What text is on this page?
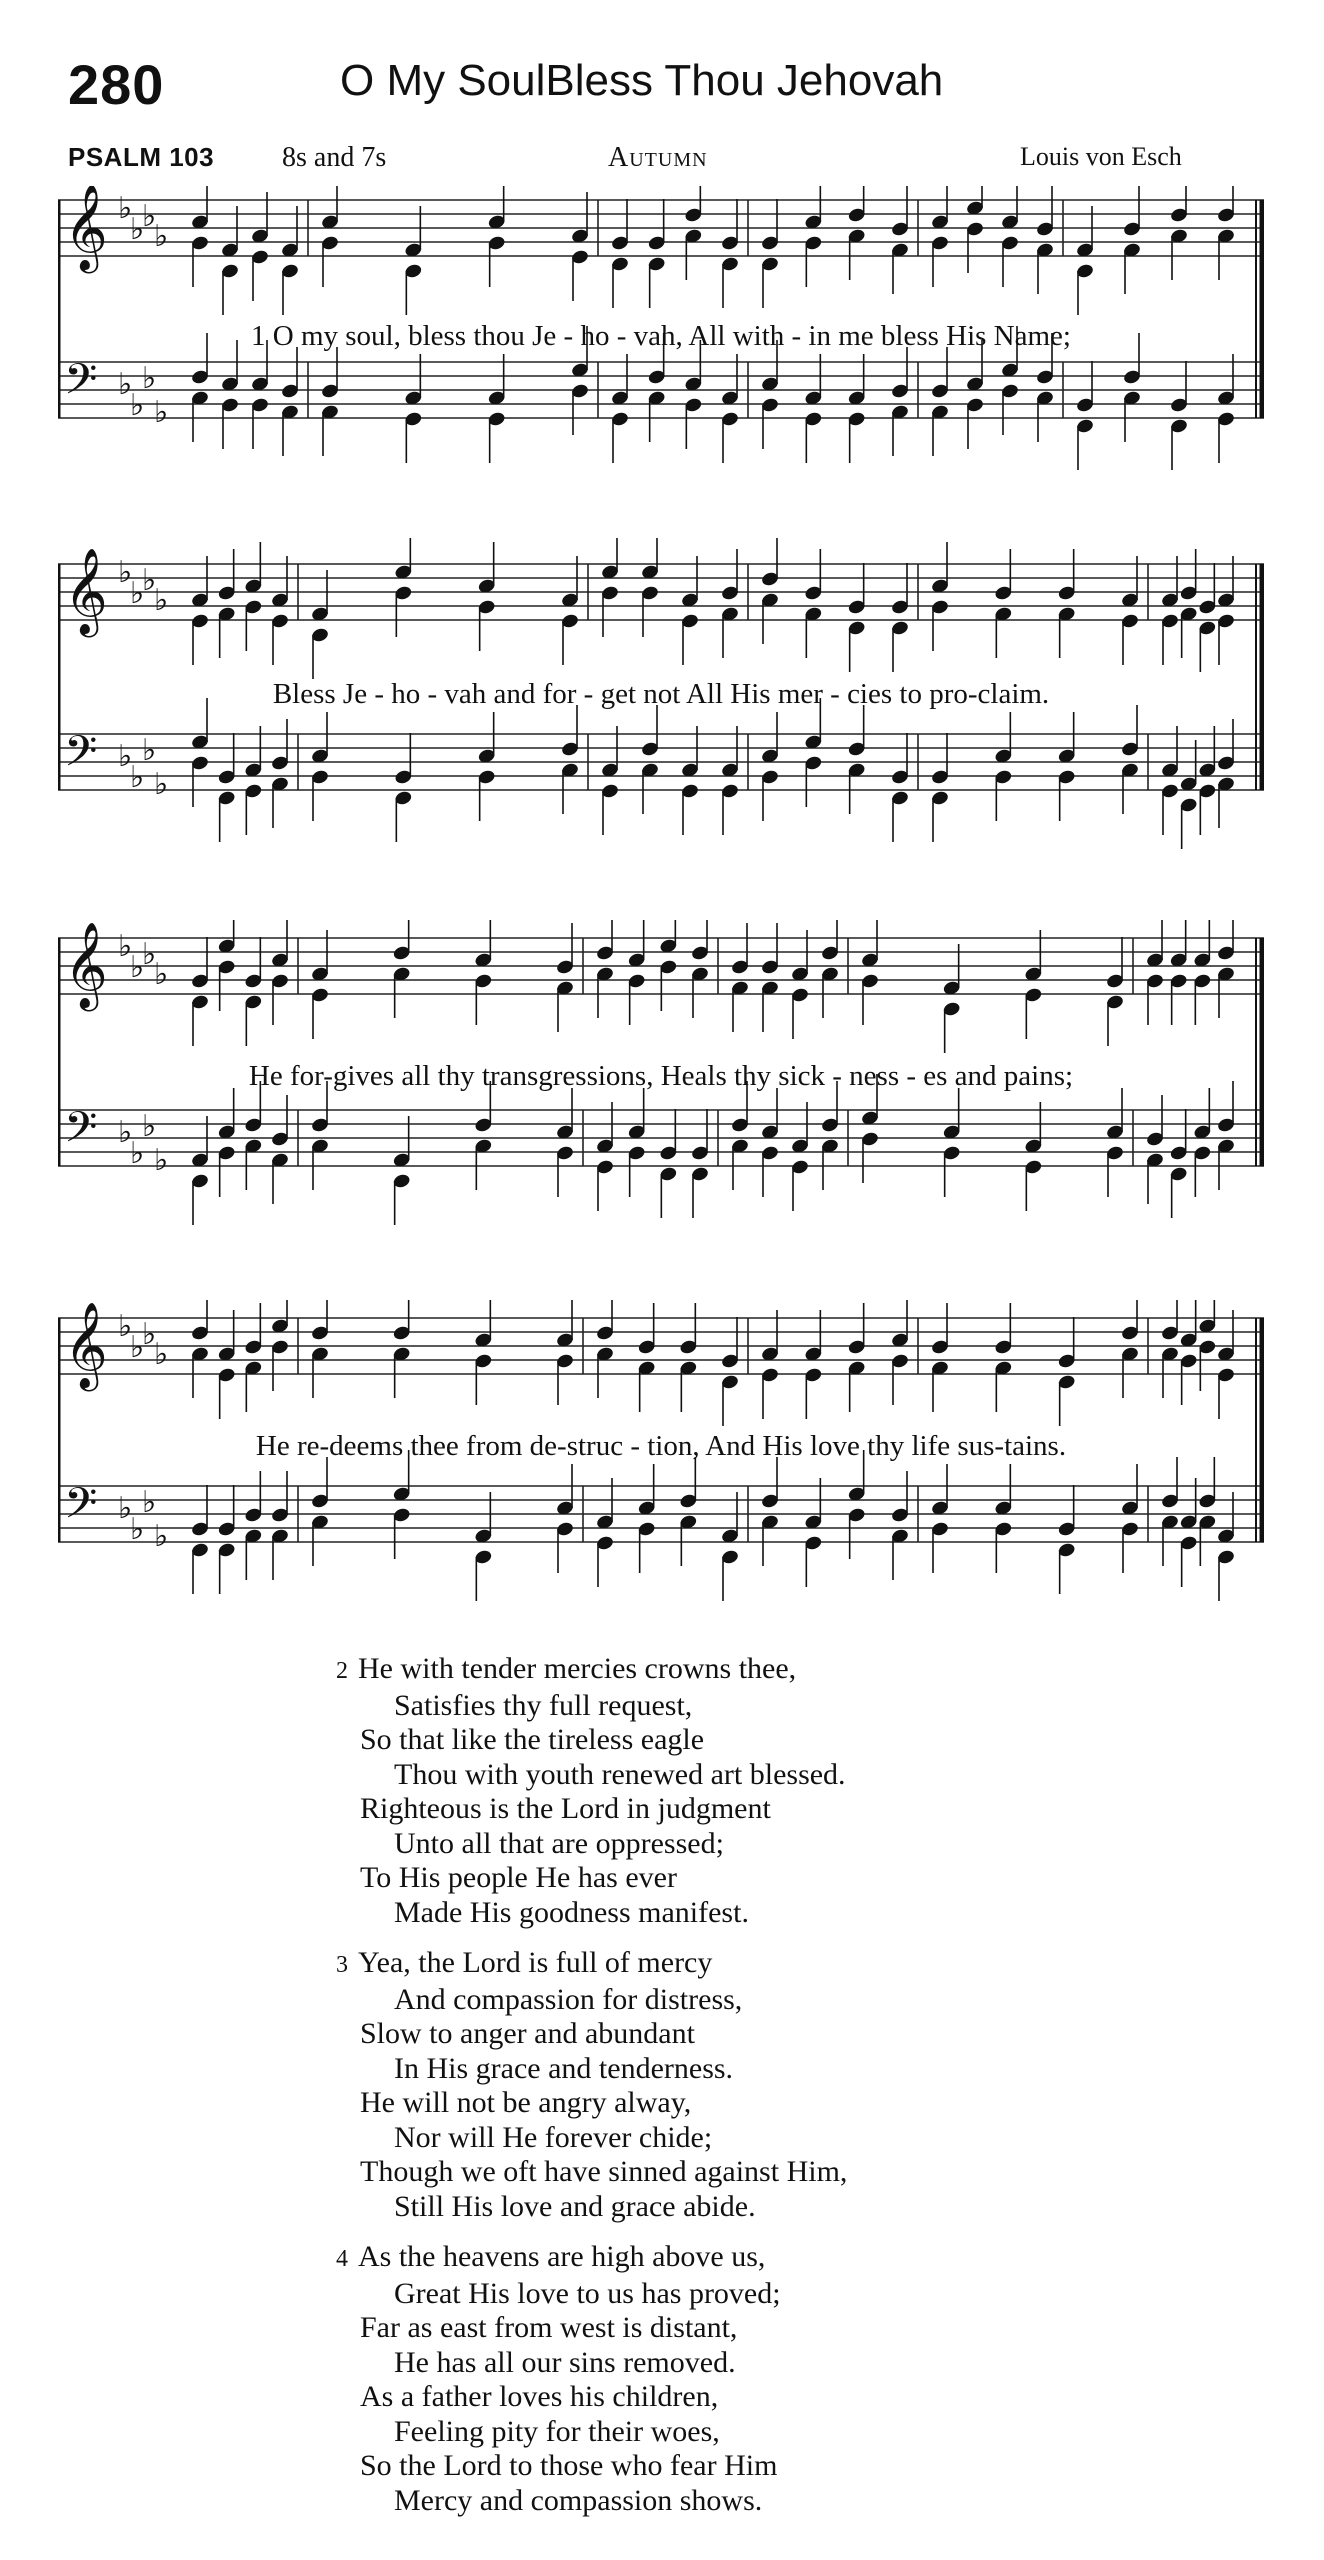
280	O My SoulBless Thou Jehovah
PSALM 103 8s and 7s	Autumn	Louis von Esch
𝄞 ♭
♭
♭
♭
𝄢 ♭
♭
♭
♭
1 O my soul, bless thou Je - ho - vah, All with - in me bless His Name;
𝄞 ♭
♭
♭
♭
𝄢 ♭
♭
♭
♭
Bless Je - ho - vah and for - get not All His mer - cies to pro-claim.
𝄞 ♭
♭
♭
♭
𝄢 ♭
♭
♭
♭
He for-gives all thy transgressions, Heals thy sick - ness - es and pains;
𝄞 ♭
♭
♭
♭
𝄢 ♭
♭
♭
♭
He re-deems thee from de-struc - tion, And His love thy life sus-tains.
2 He with tender mercies crowns thee,
Satisfies thy full request,
So that like the tireless eagle
Thou with youth renewed art blessed.
Righteous is the Lord in judgment
Unto all that are oppressed;
To His people He has ever
Made His goodness manifest.
3 Yea, the Lord is full of mercy
And compassion for distress,
Slow to anger and abundant
In His grace and tenderness.
He will not be angry alway,
Nor will He forever chide;
Though we oft have sinned against Him,
Still His love and grace abide.
4 As the heavens are high above us,
Great His love to us has proved;
Far as east from west is distant,
He has all our sins removed.
As a father loves his children,
Feeling pity for their woes,
So the Lord to those who fear Him
Mercy and compassion shows.
